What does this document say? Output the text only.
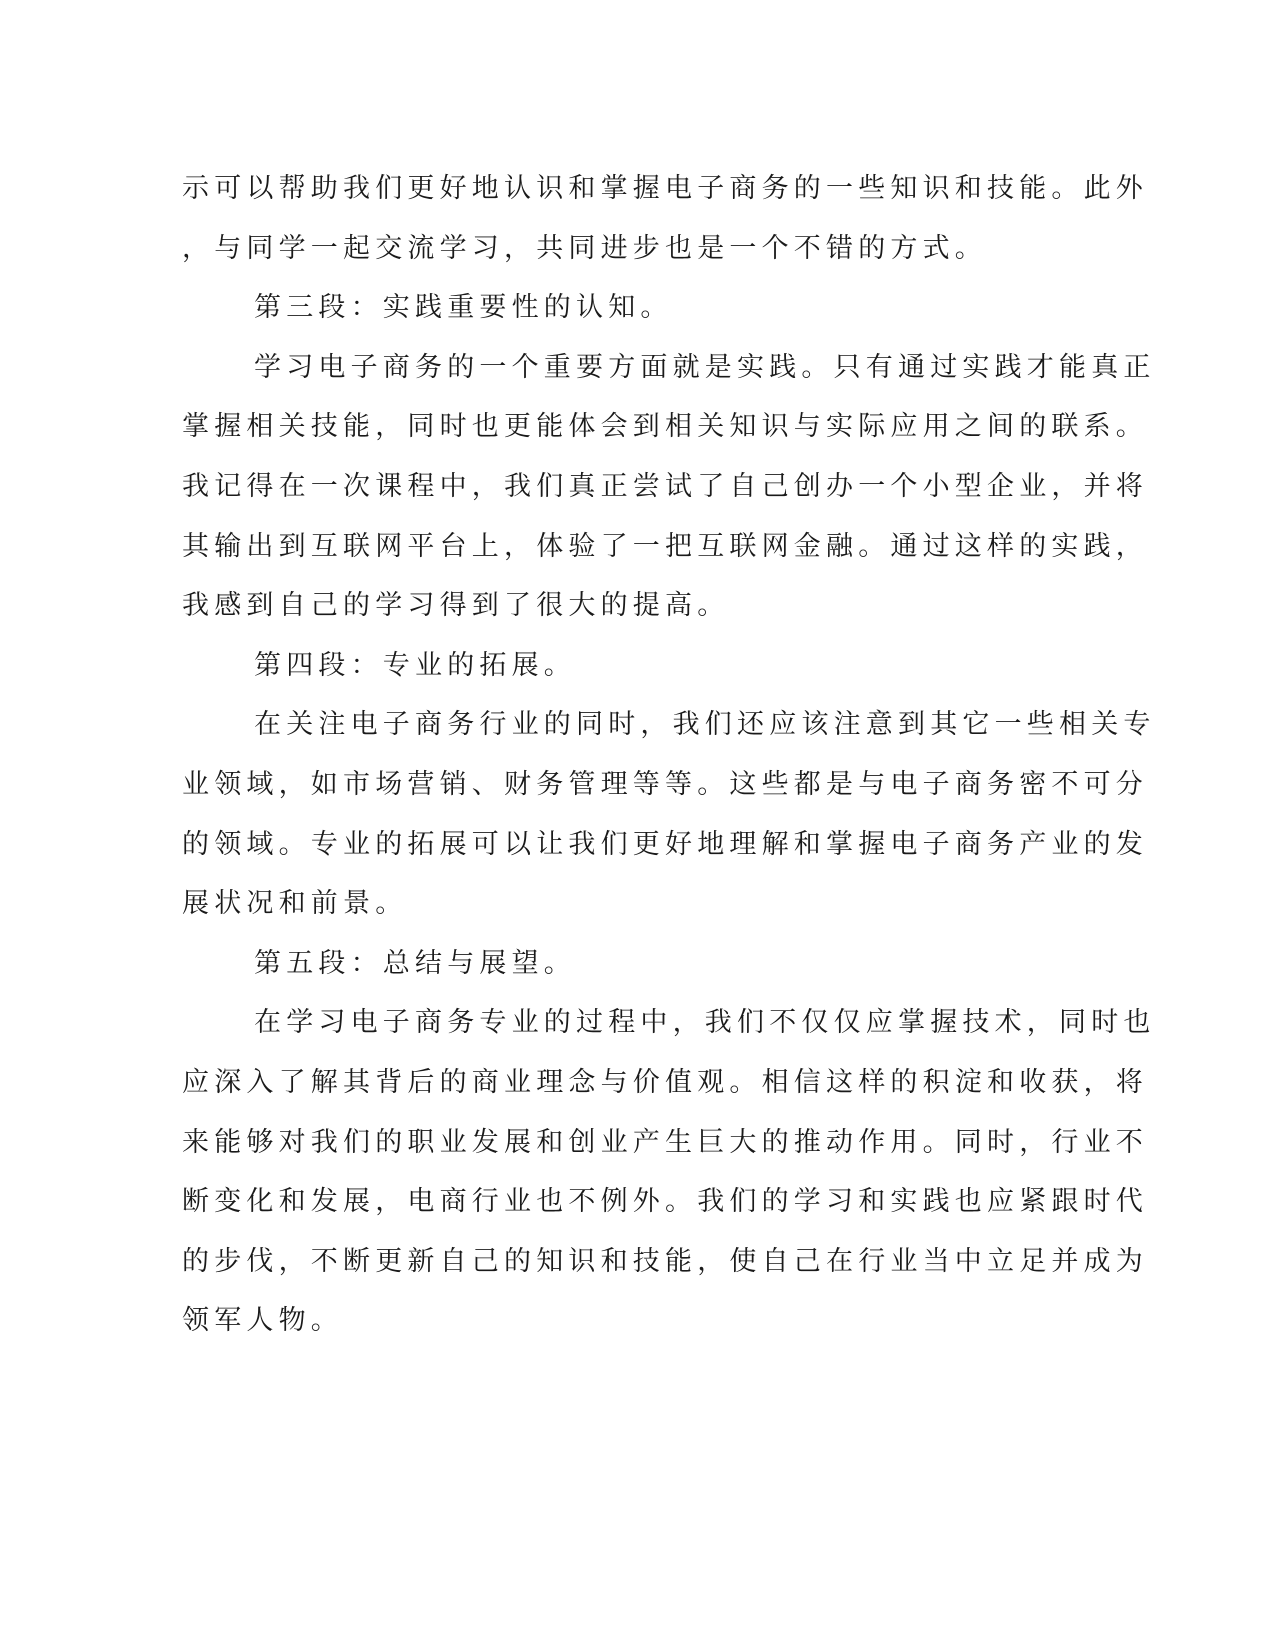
示可以帮助我们更好地认识和掌握电子商务的一些知识和技能。此外

，与同学一起交流学习，共同进步也是一个不错的方式。

第三段：实践重要性的认知。

学习电子商务的一个重要方面就是实践。只有通过实践才能真正

掌握相关技能，同时也更能体会到相关知识与实际应用之间的联系。

我记得在一次课程中，我们真正尝试了自己创办一个小型企业，并将

其输出到互联网平台上，体验了一把互联网金融。通过这样的实践，

我感到自己的学习得到了很大的提高。

第四段：专业的拓展。

在关注电子商务行业的同时，我们还应该注意到其它一些相关专

业领域，如市场营销、财务管理等等。这些都是与电子商务密不可分

的领域。专业的拓展可以让我们更好地理解和掌握电子商务产业的发

展状况和前景。

第五段：总结与展望。

在学习电子商务专业的过程中，我们不仅仅应掌握技术，同时也

应深入了解其背后的商业理念与价值观。相信这样的积淀和收获，将

来能够对我们的职业发展和创业产生巨大的推动作用。同时，行业不

断变化和发展，电商行业也不例外。我们的学习和实践也应紧跟时代

的步伐，不断更新自己的知识和技能，使自己在行业当中立足并成为

领军人物。
